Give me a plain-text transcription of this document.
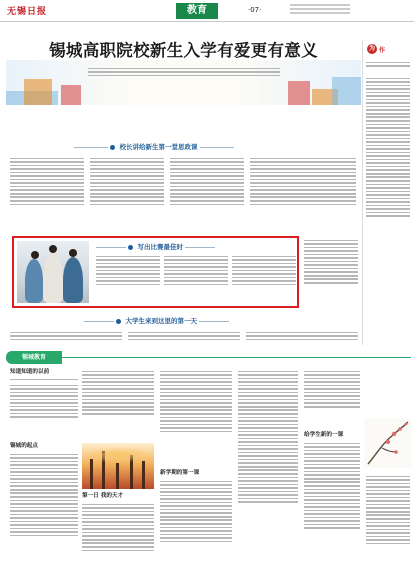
无锡日报	教育	·07·
锡城高职院校新生入学有爱更有意义
校长讲给新生第一堂思政课
写出比赛最佳时
大学生来到这里的第一天
为 作
锡城教育
知道知道的以前
锡城的起点
第一日 我的天才
新学期的第一课
给学生新的一课
